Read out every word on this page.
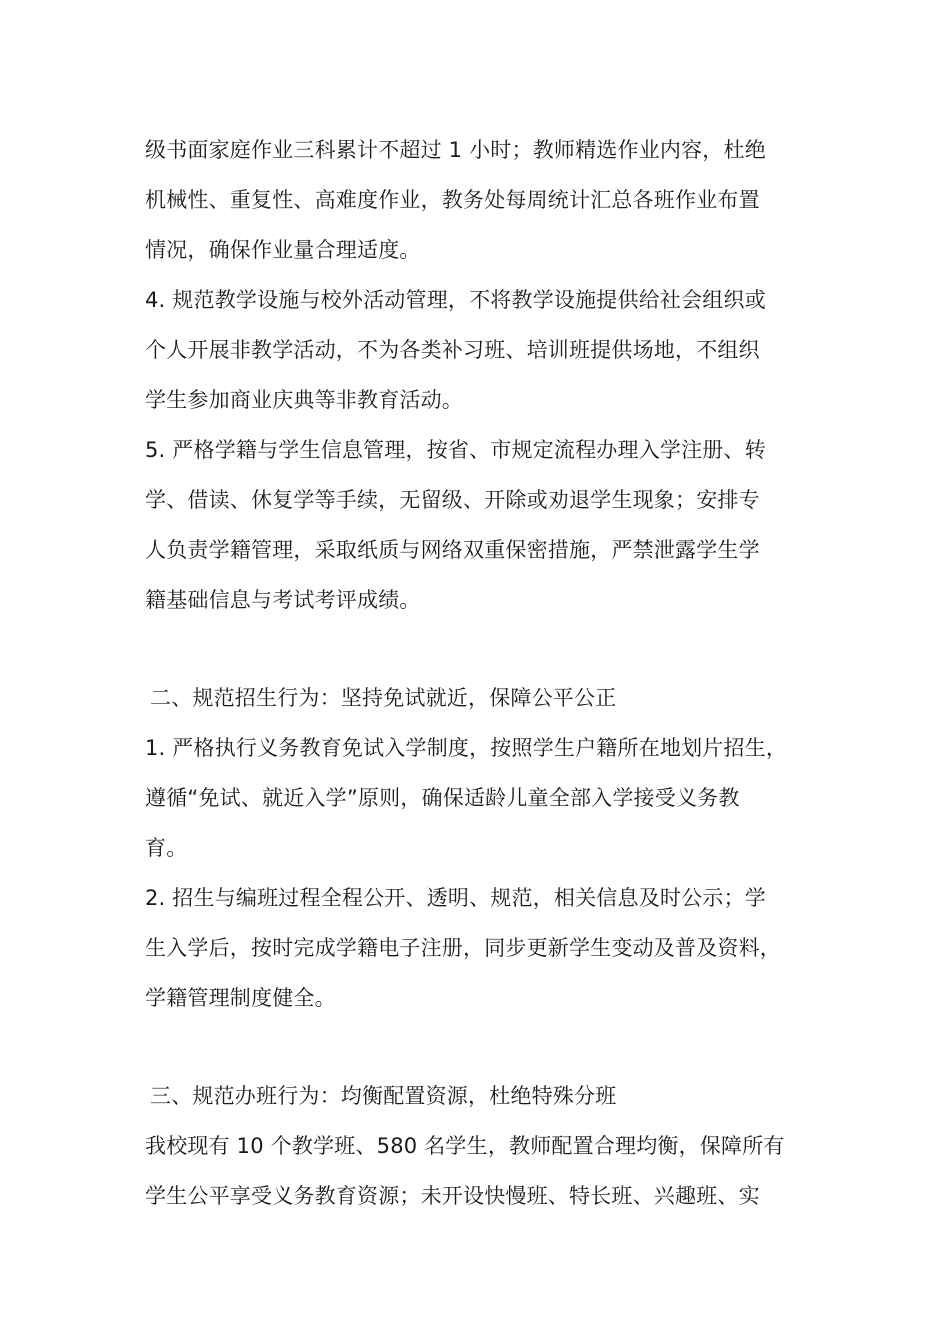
级书面家庭作业三科累计不超过 1 小时；教师精选作业内容，杜绝
机械性、重复性、高难度作业，教务处每周统计汇总各班作业布置
情况，确保作业量合理适度。
4. 规范教学设施与校外活动管理，不将教学设施提供给社会组织或
个人开展非教学活动，不为各类补习班、培训班提供场地，不组织
学生参加商业庆典等非教育活动。
5. 严格学籍与学生信息管理，按省、市规定流程办理入学注册、转
学、借读、休复学等手续，无留级、开除或劝退学生现象；安排专
人负责学籍管理，采取纸质与网络双重保密措施，严禁泄露学生学
籍基础信息与考试考评成绩。
二、规范招生行为：坚持免试就近，保障公平公正
1. 严格执行义务教育免试入学制度，按照学生户籍所在地划片招生，
遵循“免试、就近入学”原则，确保适龄儿童全部入学接受义务教
育。
2. 招生与编班过程全程公开、透明、规范，相关信息及时公示；学
生入学后，按时完成学籍电子注册，同步更新学生变动及普及资料，
学籍管理制度健全。
三、规范办班行为：均衡配置资源，杜绝特殊分班
我校现有 10 个教学班、580 名学生，教师配置合理均衡，保障所有
学生公平享受义务教育资源；未开设快慢班、特长班、兴趣班、实
